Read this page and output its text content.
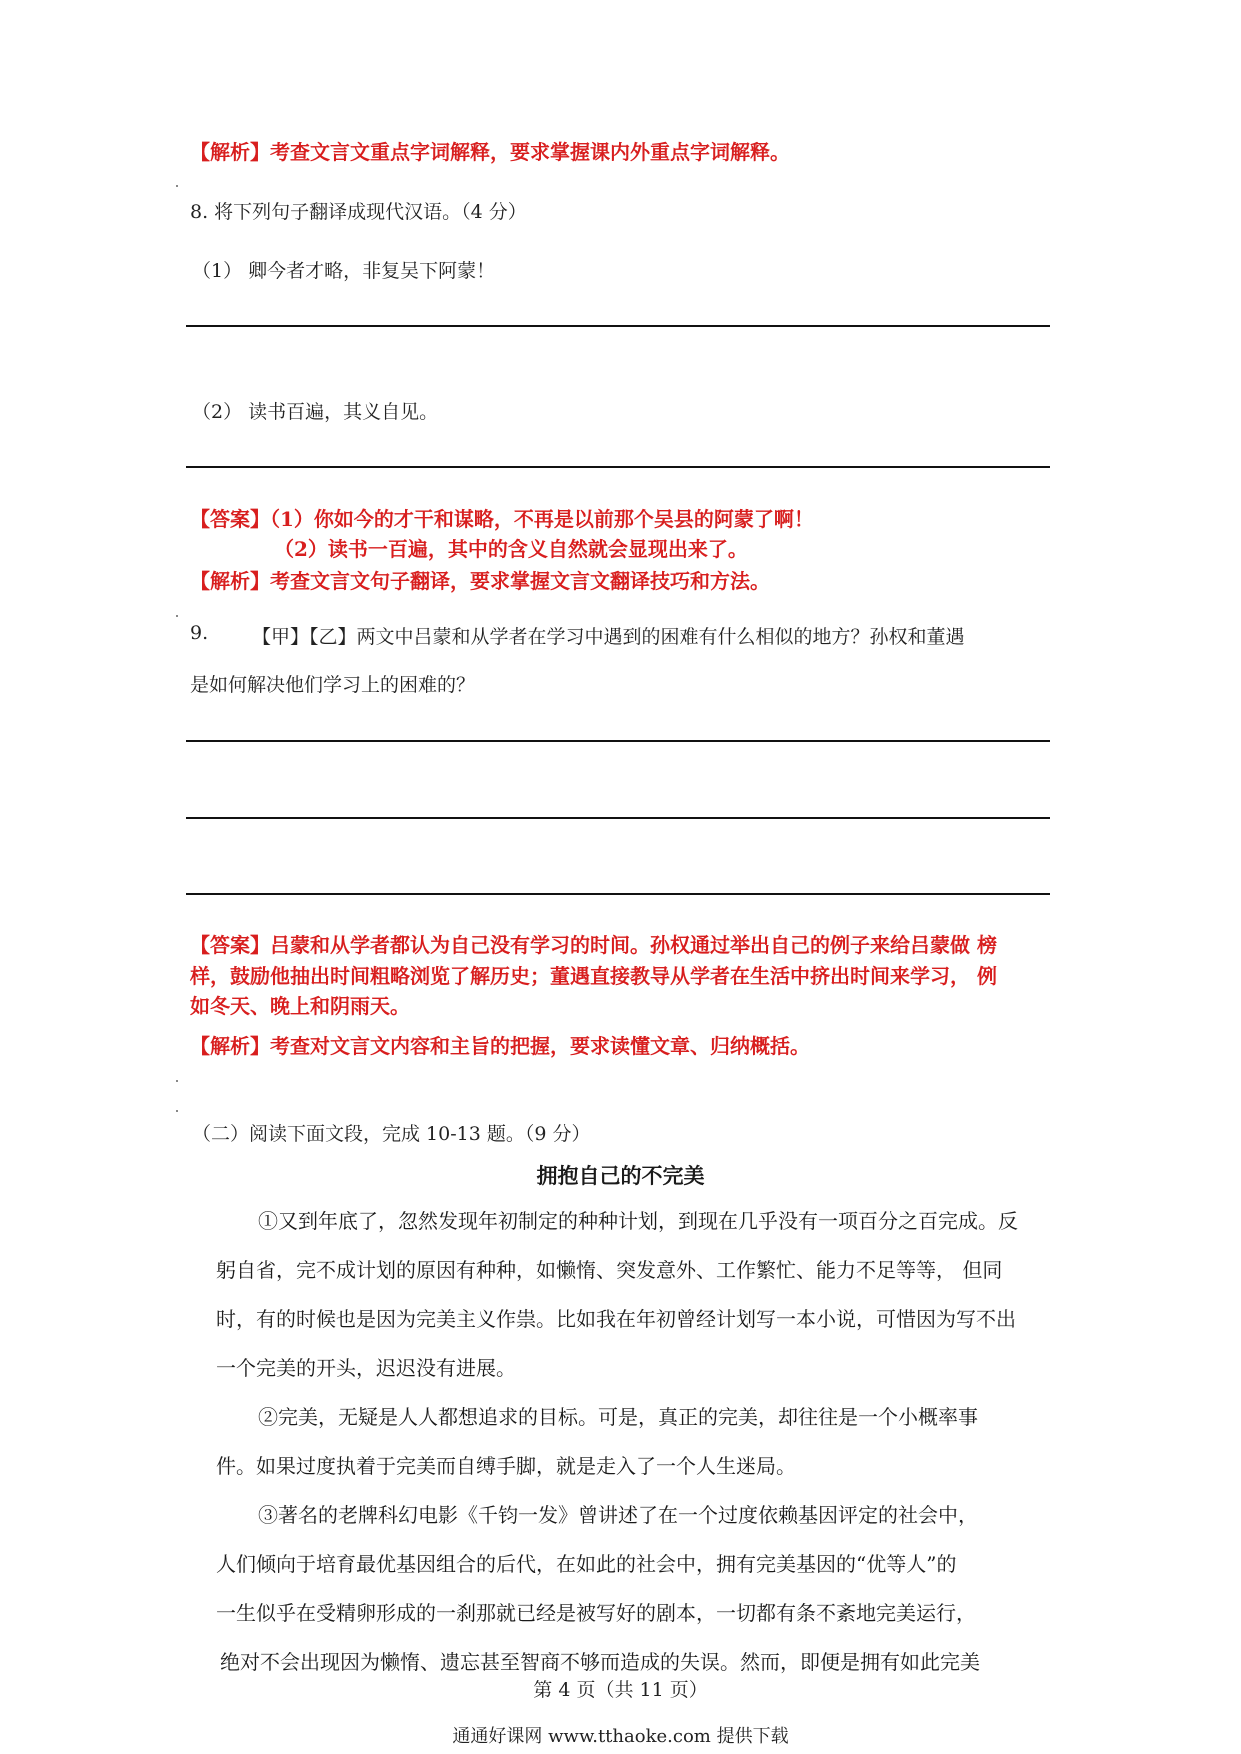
【解析】考查文言文重点字词解释，要求掌握课内外重点字词解释。
8. 将下列句子翻译成现代汉语。（4 分）
（1） 卿今者才略，非复吴下阿蒙！
（2） 读书百遍，其义自见。
【答案】（1）你如今的才干和谋略，不再是以前那个吴县的阿蒙了啊！
（2）读书一百遍，其中的含义自然就会显现出来了。
【解析】考查文言文句子翻译，要求掌握文言文翻译技巧和方法。
9. 【甲】【乙】两文中吕蒙和从学者在学习中遇到的困难有什么相似的地方？孙权和董遇
是如何解决他们学习上的困难的？
【答案】吕蒙和从学者都认为自己没有学习的时间。孙权通过举出自己的例子来给吕蒙做 榜
样，鼓励他抽出时间粗略浏览了解历史；董遇直接教导从学者在生活中挤出时间来学习， 例
如冬天、晚上和阴雨天。
【解析】考查对文言文内容和主旨的把握，要求读懂文章、归纳概括。
（二）阅读下面文段，完成 10-13 题。（9 分）
拥抱自己的不完美
①又到年底了，忽然发现年初制定的种种计划，到现在几乎没有一项百分之百完成。反
躬自省，完不成计划的原因有种种，如懒惰、突发意外、工作繁忙、能力不足等等， 但同
时，有的时候也是因为完美主义作祟。比如我在年初曾经计划写一本小说，可惜因为写不出
一个完美的开头，迟迟没有进展。
②完美，无疑是人人都想追求的目标。可是，真正的完美，却往往是一个小概率事
件。如果过度执着于完美而自缚手脚，就是走入了一个人生迷局。
③著名的老牌科幻电影《千钧一发》曾讲述了在一个过度依赖基因评定的社会中，
人们倾向于培育最优基因组合的后代，在如此的社会中，拥有完美基因的“优等人”的
一生似乎在受精卵形成的一刹那就已经是被写好的剧本，一切都有条不紊地完美运行，
绝对不会出现因为懒惰、遗忘甚至智商不够而造成的失误。然而，即便是拥有如此完美
第 4 页（共 11 页）
通通好课网 www.tthaoke.com 提供下载
